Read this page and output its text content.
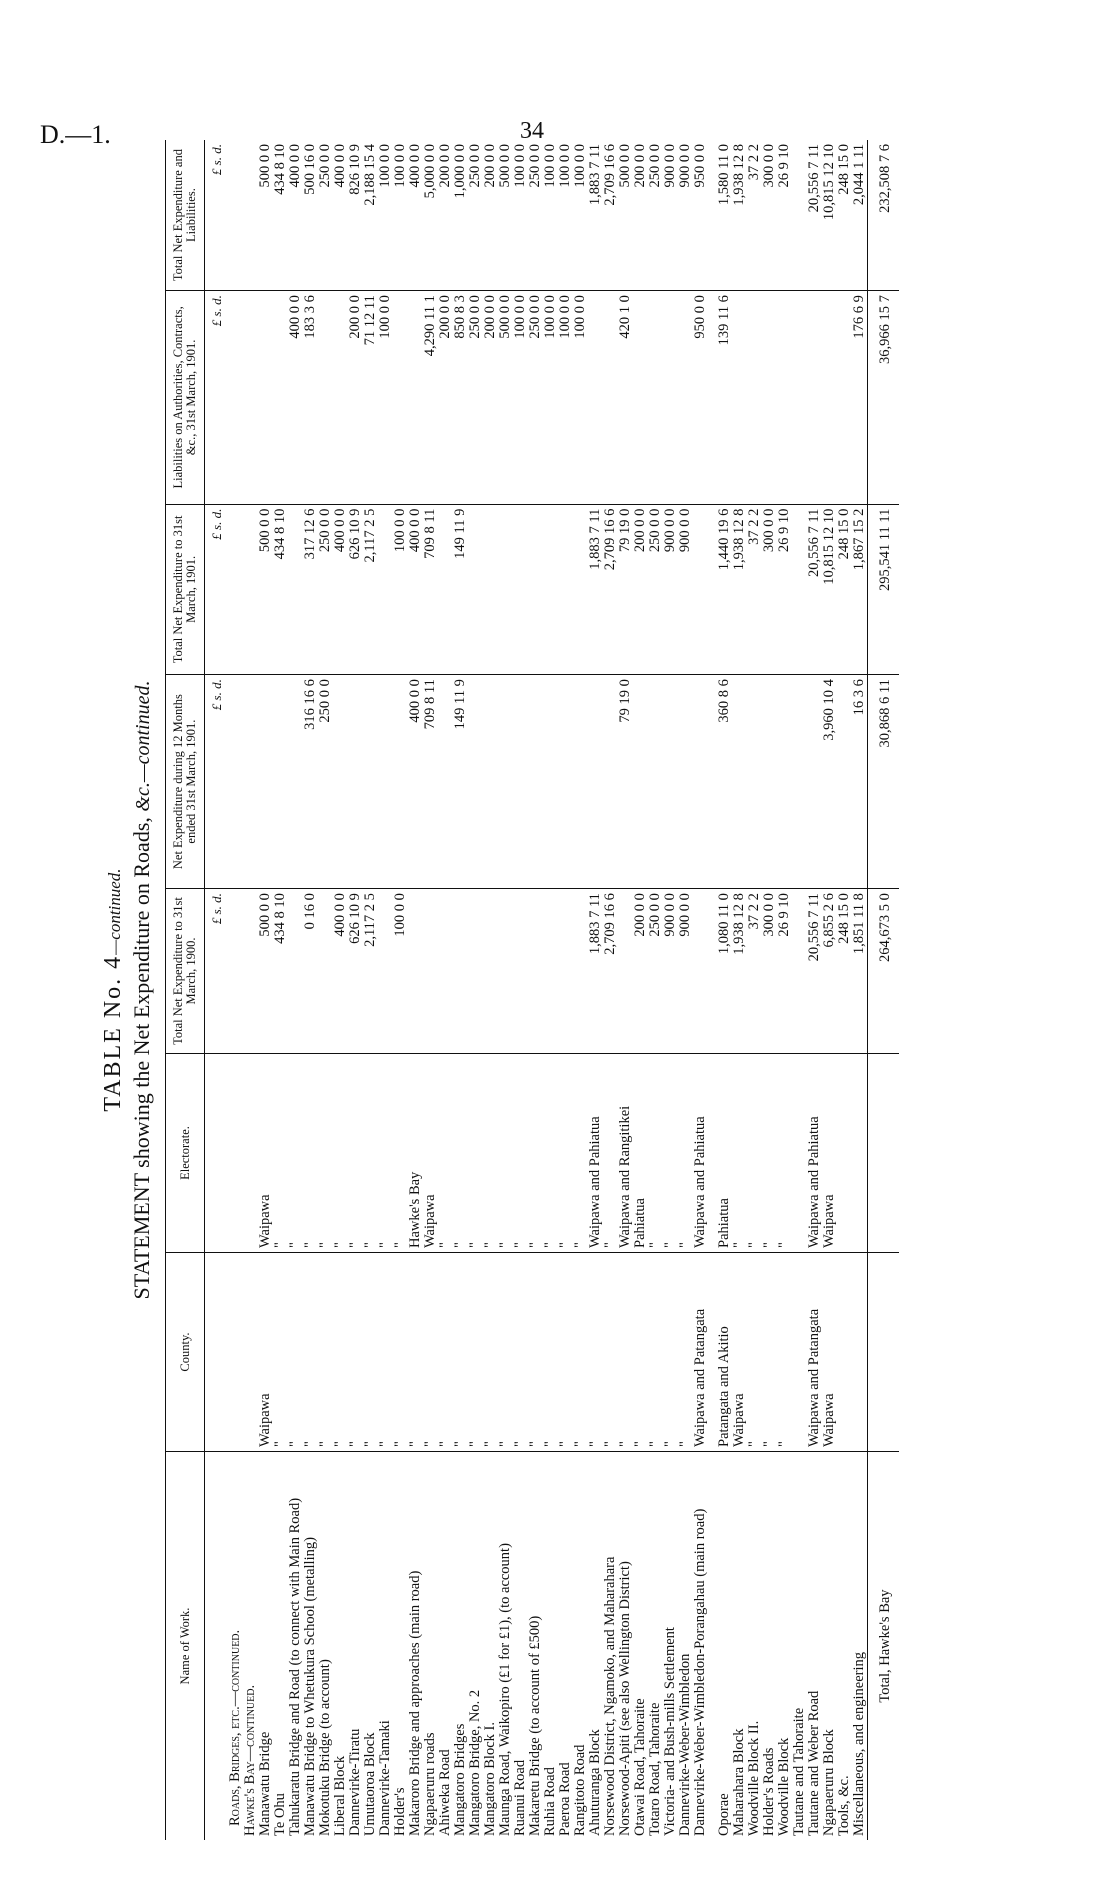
D.—1.	34
TABLE No. 4—continued. STATEMENT showing the Net Expenditure on Roads, &c.—continued.
Name of Work.	County.	Electorate.	Total Net Expenditure to 31st March, 1900.	Net Expenditure during 12 Months ended 31st March, 1901.	Total Net Expenditure to 31st March, 1901.	Liabilities on Authorities, Contracts, &c., 31st March, 1901.	Total Net Expenditure and Liabilities.
			£ s. d.	£ s. d.	£ s. d.	£ s. d.	£ s. d.
Roads, Bridges, etc.—continued.							
Hawke's Bay—continued.							
Manawatu Bridge	Waipawa	Waipawa	500 0 0		500 0 0		500 0 0
Te Ohu	"	"	434 8 10		434 8 10		434 8 10
Tahukaratu Bridge and Road (to connect with Main Road)	"	"				400 0 0	400 0 0
Manawatu Bridge to Whetukura School (metalling)	"	"	0 16 0	316 16 6	317 12 6	183 3 6	500 16 0
Mokotuku Bridge (to account)	"	"		250 0 0	250 0 0		250 0 0
Liberal Block	"	"	400 0 0		400 0 0		400 0 0
Dannevirke-Tiratu	"	"	626 10 9		626 10 9	200 0 0	826 10 9
Umutaoroa Block	"	"	2,117 2 5		2,117 2 5	71 12 11	2,188 15 4
Dannevirke-Tamaki	"	"				100 0 0	100 0 0
Holder's	"	"	100 0 0		100 0 0		100 0 0
Makaroro Bridge and approaches (main road)	"	Hawke's Bay		400 0 0	400 0 0		400 0 0
Ngapaeruru roads	"	Waipawa		709 8 11	709 8 11	4,290 11 1	5,000 0 0
Ahiweka Road	"	"				200 0 0	200 0 0
Mangatoro Bridges	"	"		149 11 9	149 11 9	850 8 3	1,000 0 0
Mangatoro Bridge, No. 2	"	"				250 0 0	250 0 0
Mangatoro Block I.	"	"				200 0 0	200 0 0
Maunga Road, Waikopiro (£1 for £1), (to account)	"	"				500 0 0	500 0 0
Ruanui Road	"	"				100 0 0	100 0 0
Makaretu Bridge (to account of £500)	"	"				250 0 0	250 0 0
Ruhia Road	"	"				100 0 0	100 0 0
Paeroa Road	"	"				100 0 0	100 0 0
Rangitoto Road	"	"				100 0 0	100 0 0
Ahuturanga Block	"	Waipawa and Pahiatua	1,883 7 11		1,883 7 11		1,883 7 11
Norsewood District, Ngamoko, and Maharahara	"	"	2,709 16 6		2,709 16 6		2,709 16 6
Norsewood-Apiti (see also Wellington District)	"	Waipawa and Rangitikei		79 19 0	79 19 0	420 1 0	500 0 0
Otawai Road, Tahoraite	"	Pahiatua	200 0 0		200 0 0		200 0 0
Totaro Road, Tahoraite	"	"	250 0 0		250 0 0		250 0 0
Victoria- and Bush-mills Settlement	"	"	900 0 0		900 0 0		900 0 0
Dannevirke-Weber-Wimbledon	"	"	900 0 0		900 0 0		900 0 0
Dannevirke-Weber-Wimbledon-Porangahau (main road)	Waipawa and Patangata	Waipawa and Pahiatua				950 0 0	950 0 0

Oporae	Patangata and Akitio	Pahiatua	1,080 11 0	360 8 6	1,440 19 6	139 11 6	1,580 11 0
Maharahara Block	Waipawa	"	1,938 12 8		1,938 12 8		1,938 12 8
Woodville Block II.	"	"	37 2 2		37 2 2		37 2 2
Holder's Roads	"	"	300 0 0		300 0 0		300 0 0
Woodville Block	"	"	26 9 10		26 9 10		26 9 10
Tautane and Tahoraite							
Tautane and Weber Road	Waipawa and Patangata	Waipawa and Pahiatua	20,556 7 11		20,556 7 11		20,556 7 11
Ngapaeruru Block	Waipawa	Waipawa	6,855 2 6	3,960 10 4	10,815 12 10		10,815 12 10
Tools, &c.			248 15 0		248 15 0		248 15 0
Miscellaneous, and engineering			1,851 11 8	16 3 6	1,867 15 2	176 6 9	2,044 1 11
Total, Hawke's Bay			264,673 5 0	30,868 6 11	295,541 11 11	36,966 15 7	232,508 7 6
